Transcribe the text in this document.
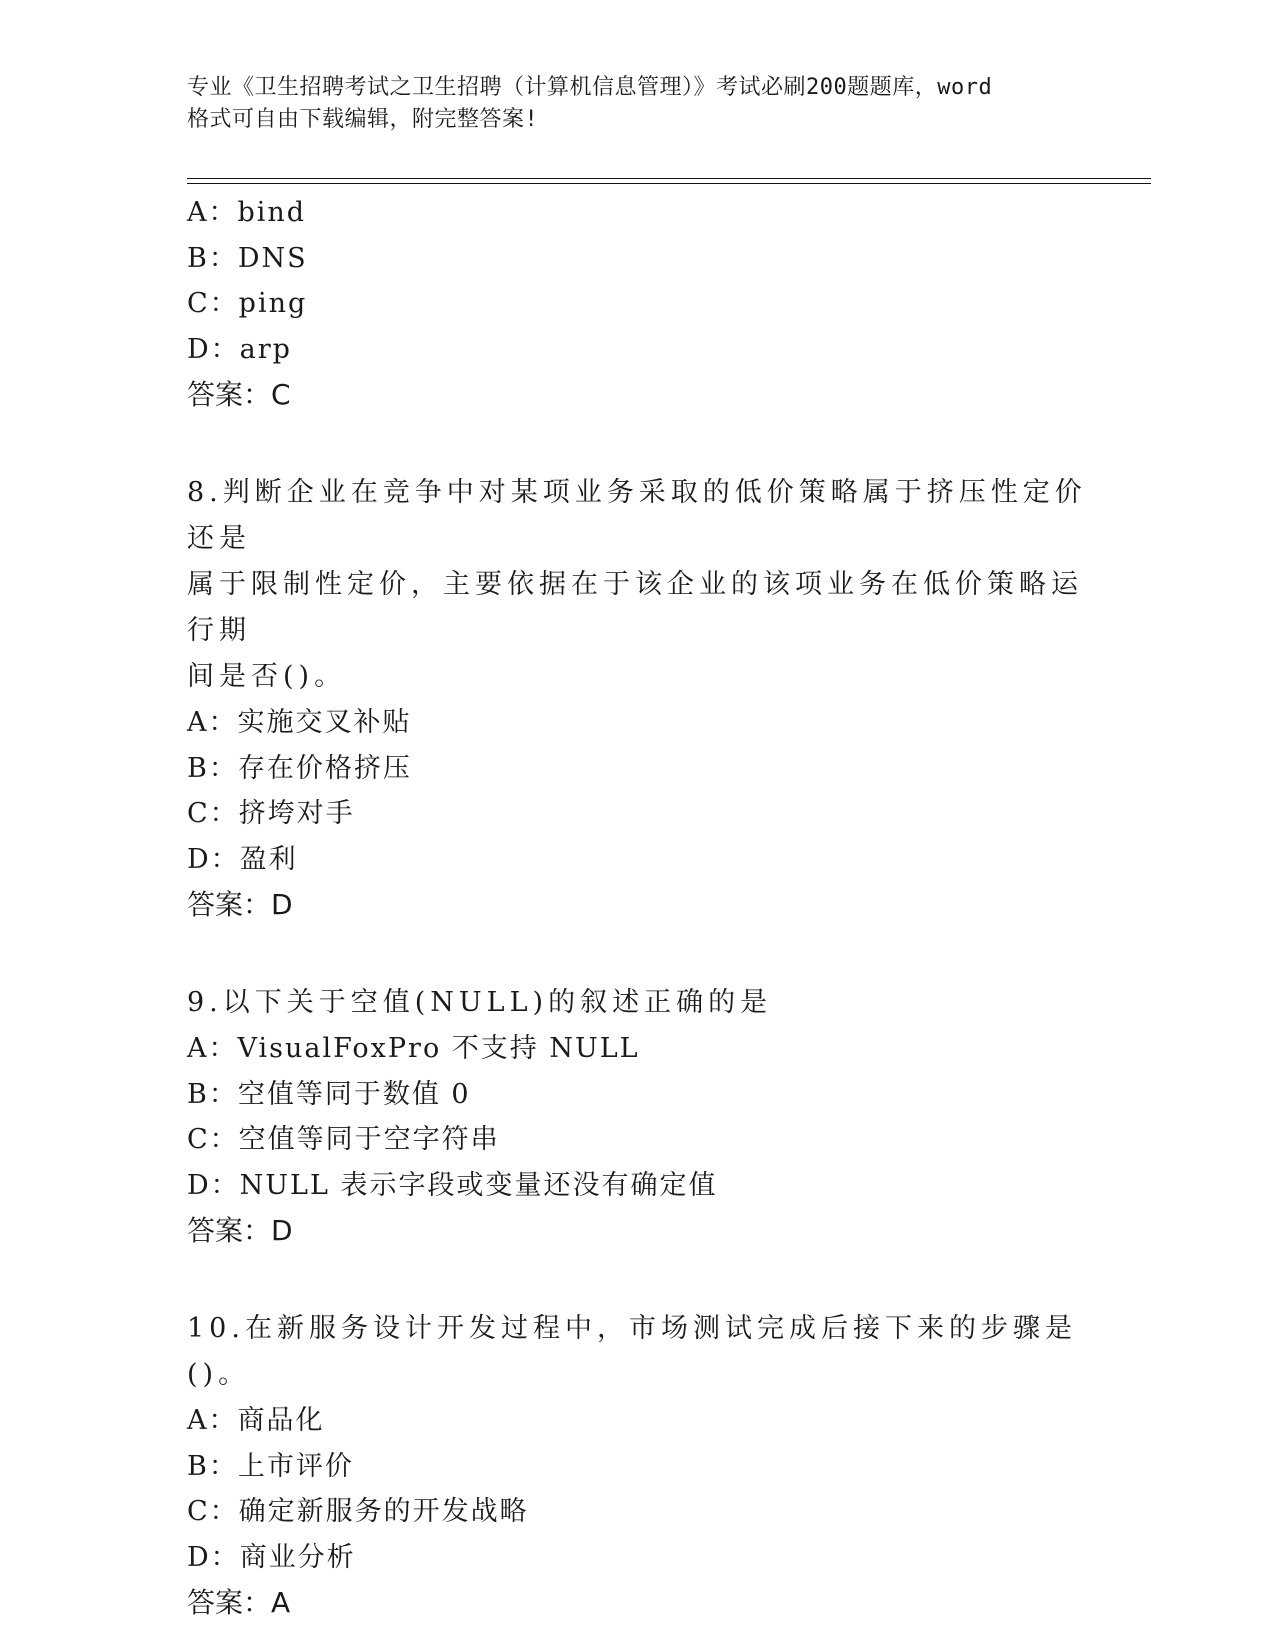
专业《卫生招聘考试之卫生招聘（计算机信息管理）》考试必刷200题题库，word
格式可自由下载编辑，附完整答案!

A：bind

B：DNS

C：ping

D：arp

答案：C

8.判断企业在竞争中对某项业务采取的低价策略属于挤压性定价还是

属于限制性定价，主要依据在于该企业的该项业务在低价策略运行期

间是否()。

A：实施交叉补贴

B：存在价格挤压

C：挤垮对手

D：盈利

答案：D

9.以下关于空值(NULL)的叙述正确的是

A：VisualFoxPro 不支持 NULL

B：空值等同于数值 0

C：空值等同于空字符串

D：NULL 表示字段或变量还没有确定值

答案：D

10.在新服务设计开发过程中，市场测试完成后接下来的步骤是()。

A：商品化

B：上市评价

C：确定新服务的开发战略

D：商业分析

答案：A
